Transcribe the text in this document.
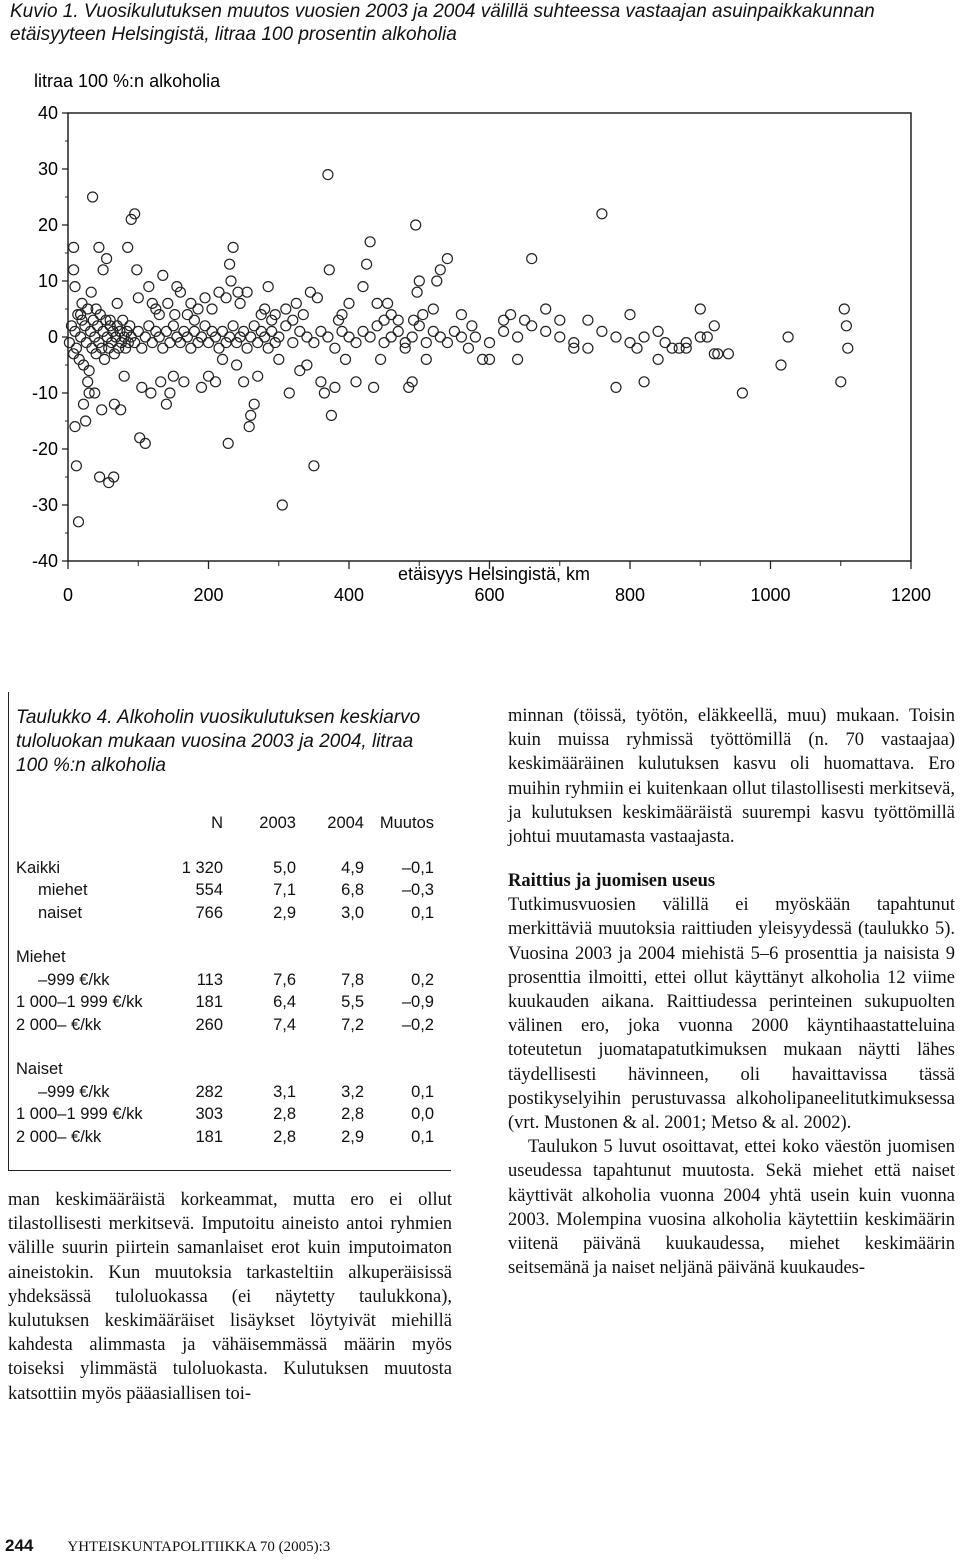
Kuvio 1. Vuosikulutuksen muutos vuosien 2003 ja 2004 välillä suhteessa vastaajan asuinpaikkakunnan etäisyyteen Helsingistä, litraa 100 prosentin alkoholia
litraa 100 %:n alkoholia
40
30
20
10
0
-10
-20
-30
-40
0	200	400	600	800	1000	1200
etäisyys Helsingistä, km
Taulukko 4. Alkoholin vuosikulutuksen keskiarvo tuloluokan mukaan vuosina 2003 ja 2004, litraa 100 %:n alkoholia
N 2003 2004 Muutos
Kaikki	1 320	5,0	4,9 –0,1
miehet	554	7,1	6,8 –0,3
naiset	766	2,9	3,0	0,1
Miehet
–999 €/kk	113	7,6	7,8	0,2
1 000–1 999 €/kk	181	6,4	5,5 –0,9
2 000– €/kk	260	7,4	7,2 –0,2
Naiset
–999 €/kk	282	3,1	3,2	0,1
1 000–1 999 €/kk	303	2,8	2,8	0,0
2 000– €/kk	181	2,8	2,9	0,1

man keskimääräistä korkeammat, mutta ero ei ollut tilastollisesti merkitsevä. Imputoitu aineisto antoi ryhmien välille suurin piirtein samanlaiset erot kuin imputoimaton aineistokin. Kun muutoksia tarkasteltiin alkuperäisissä yhdeksässä tuloluokassa (ei näytetty taulukkona), kulutuksen keskimääräiset lisäykset löytyivät miehillä kahdesta alimmasta ja vähäisemmässä määrin myös toiseksi ylimmästä tuloluokasta. Kulutuksen muutosta katsottiin myös pääasiallisen toi-

minnan (töissä, työtön, eläkkeellä, muu) mukaan. Toisin kuin muissa ryhmissä työttömillä (n. 70 vastaajaa) keskimääräinen kulutuksen kasvu oli huomattava. Ero muihin ryhmiin ei kuitenkaan ollut tilastollisesti merkitsevä, ja kulutuksen keskimääräistä suurempi kasvu työttömillä johtui muutamasta vastaajasta.

Raittius ja juomisen useus

Tutkimusvuosien välillä ei myöskään tapahtunut merkittäviä muutoksia raittiuden yleisyydessä (taulukko 5). Vuosina 2003 ja 2004 miehistä 5–6 prosenttia ja naisista 9 prosenttia ilmoitti, ettei ollut käyttänyt alkoholia 12 viime kuukauden aikana. Raittiudessa perinteinen sukupuolten välinen ero, joka vuonna 2000 käyntihaastatteluina toteutetun juomatapatutkimuksen mukaan näytti lähes täydellisesti hävinneen, oli havaittavissa tässä postikyselyihin perustuvassa alkoholipaneelitutkimuksessa (vrt. Mustonen & al. 2001; Metso & al. 2002).

Taulukon 5 luvut osoittavat, ettei koko väestön juomisen useudessa tapahtunut muutosta. Sekä miehet että naiset käyttivät alkoholia vuonna 2004 yhtä usein kuin vuonna 2003. Molempina vuosina alkoholia käytettiin keskimäärin viitenä päivänä kuukaudessa, miehet keskimäärin seitsemänä ja naiset neljänä päivänä kuukaudes-

244 YHTEISKUNTAPOLITIIKKA 70 (2005):3
